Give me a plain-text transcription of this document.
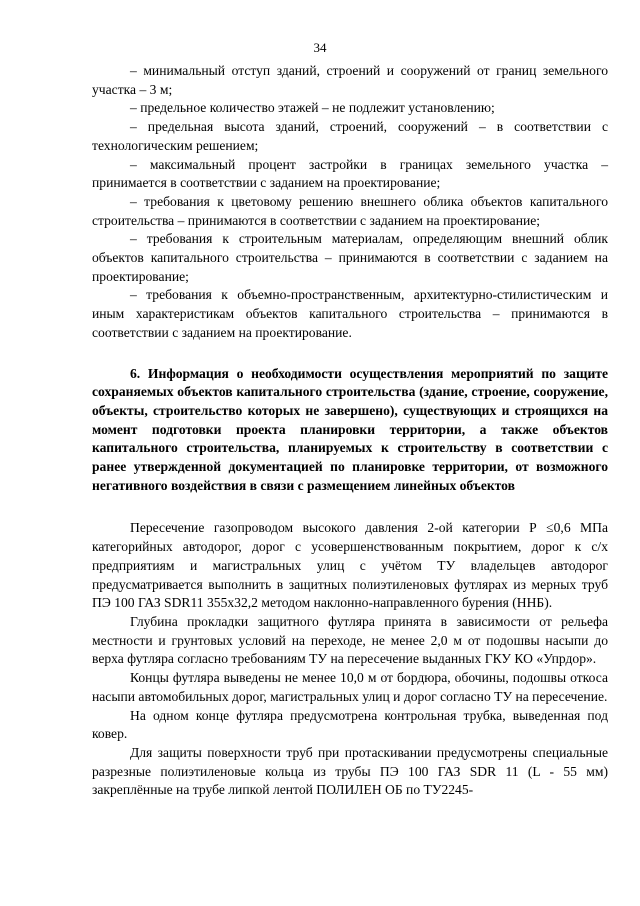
34

– минимальный отступ зданий, строений и сооружений от границ земельного участка – 3 м;

– предельное количество этажей – не подлежит установлению;

– предельная высота зданий, строений, сооружений – в соответствии с технологическим решением;

– максимальный процент застройки в границах земельного участка – принимается в соответствии с заданием на проектирование;

– требования к цветовому решению внешнего облика объектов капитального строительства – принимаются в соответствии с заданием на проектирование;

– требования к строительным материалам, определяющим внешний облик объектов капитального строительства – принимаются в соответствии с заданием на проектирование;

– требования к объемно-пространственным, архитектурно-стилистическим и иным характеристикам объектов капитального строительства – принимаются в соответствии с заданием на проектирование.

6. Информация о необходимости осуществления мероприятий по защите сохраняемых объектов капитального строительства (здание, строение, сооружение, объекты, строительство которых не завершено), существующих и строящихся на момент подготовки проекта планировки территории, а также объектов капитального строительства, планируемых к строительству в соответствии с ранее утвержденной документацией по планировке территории, от возможного негативного воздействия в связи с размещением линейных объектов

Пересечение газопроводом высокого давления 2-ой категории Р ≤0,6 МПа категорийных автодорог, дорог с усовершенствованным покрытием, дорог к с/х предприятиям и магистральных улиц с учётом ТУ владельцев автодорог предусматривается выполнить в защитных полиэтиленовых футлярах из мерных труб ПЭ 100 ГАЗ SDR11 355х32,2 методом наклонно-направленного бурения (ННБ).

Глубина прокладки защитного футляра принята в зависимости от рельефа местности и грунтовых условий на переходе, не менее 2,0 м от подошвы насыпи до верха футляра согласно требованиям ТУ на пересечение выданных ГКУ КО «Упрдор».

Концы футляра выведены не менее 10,0 м от бордюра, обочины, подошвы откоса насыпи автомобильных дорог, магистральных улиц и дорог согласно ТУ на пересечение.

На одном конце футляра предусмотрена контрольная трубка, выведенная под ковер.

Для защиты поверхности труб при протаскивании предусмотрены специальные разрезные полиэтиленовые кольца из трубы ПЭ 100 ГАЗ SDR 11 (L - 55 мм) закреплённые на трубе липкой лентой ПОЛИЛЕН ОБ по ТУ2245-
